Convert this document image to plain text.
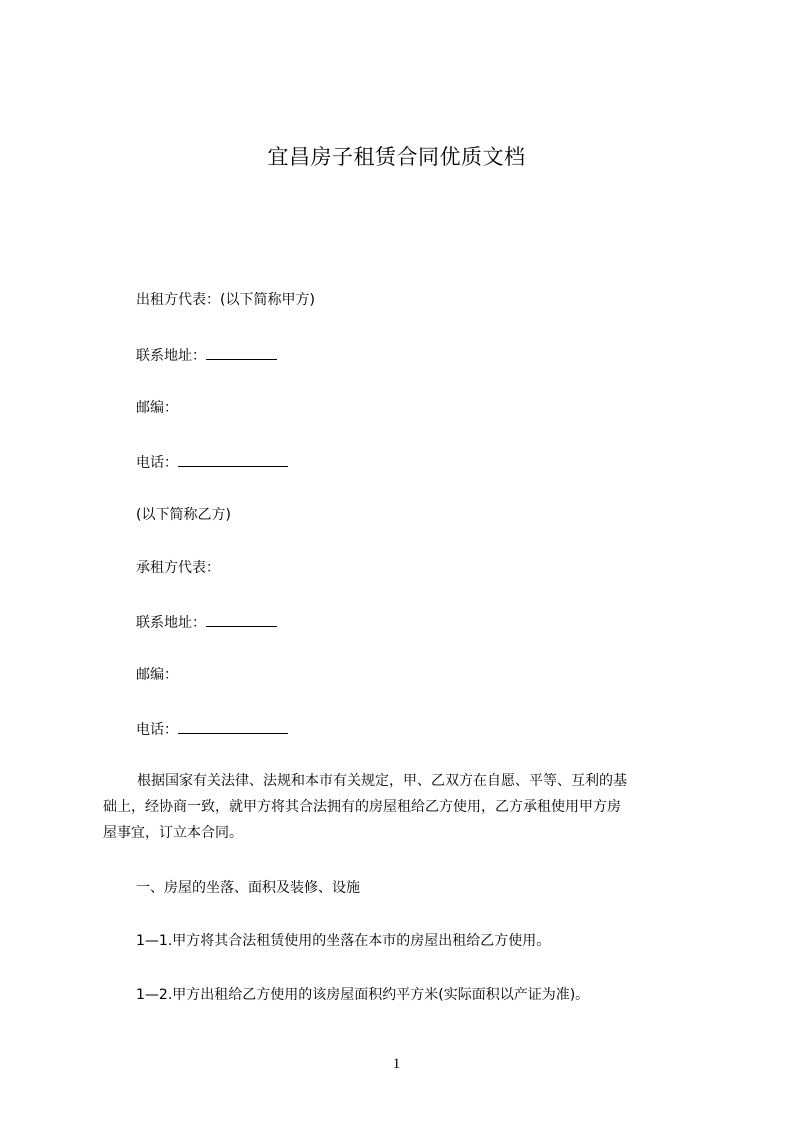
宜昌房子租赁合同优质文档
出租方代表：(以下简称甲方)
联系地址：
邮编：
电话：
(以下简称乙方)
承租方代表：
联系地址：
邮编：
电话：
根据国家有关法律、法规和本市有关规定，甲、乙双方在自愿、平等、互利的基
础上，经协商一致，就甲方将其合法拥有的房屋租给乙方使用，乙方承租使用甲方房
屋事宜，订立本合同。
一、房屋的坐落、面积及装修、设施
1—1.甲方将其合法租赁使用的坐落在本市的房屋出租给乙方使用。
1—2.甲方出租给乙方使用的该房屋面积约平方米(实际面积以产证为准)。
1
